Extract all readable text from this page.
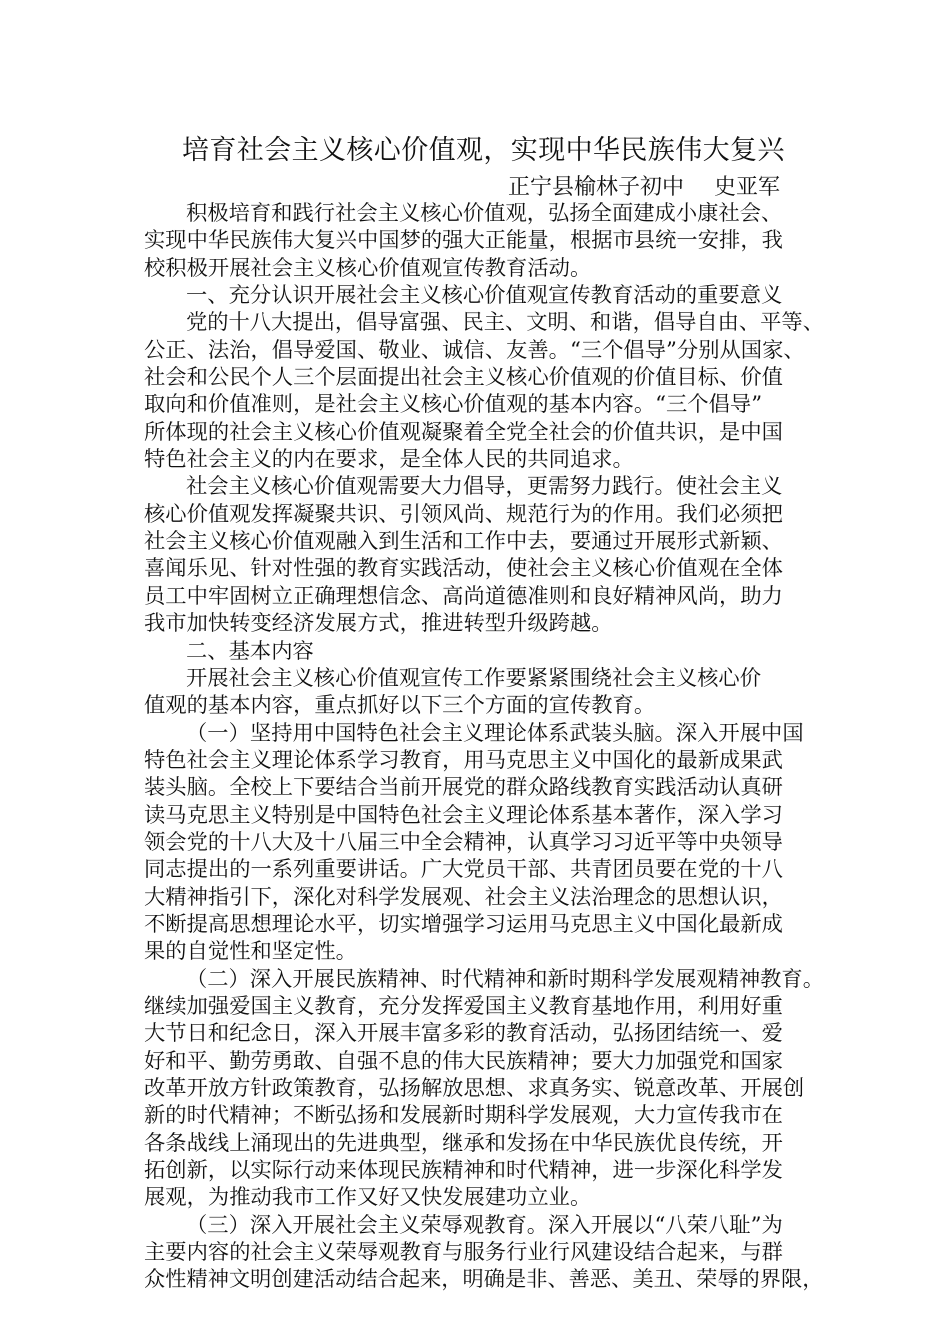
培育社会主义核心价值观，实现中华民族伟大复兴
正宁县榆林子初中 史亚军
积极培育和践行社会主义核心价值观，弘扬全面建成小康社会、
实现中华民族伟大复兴中国梦的强大正能量，根据市县统一安排，我
校积极开展社会主义核心价值观宣传教育活动。
一、充分认识开展社会主义核心价值观宣传教育活动的重要意义
党的十八大提出，倡导富强、民主、文明、和谐，倡导自由、平等、
公正、法治，倡导爱国、敬业、诚信、友善。“三个倡导”分别从国家、
社会和公民个人三个层面提出社会主义核心价值观的价值目标、价值
取向和价值准则，是社会主义核心价值观的基本内容。“三个倡导”
所体现的社会主义核心价值观凝聚着全党全社会的价值共识，是中国
特色社会主义的内在要求，是全体人民的共同追求。
社会主义核心价值观需要大力倡导，更需努力践行。使社会主义
核心价值观发挥凝聚共识、引领风尚、规范行为的作用。我们必须把
社会主义核心价值观融入到生活和工作中去，要通过开展形式新颖、
喜闻乐见、针对性强的教育实践活动，使社会主义核心价值观在全体
员工中牢固树立正确理想信念、高尚道德准则和良好精神风尚，助力
我市加快转变经济发展方式，推进转型升级跨越。
二、基本内容
开展社会主义核心价值观宣传工作要紧紧围绕社会主义核心价
值观的基本内容，重点抓好以下三个方面的宣传教育。
（一）坚持用中国特色社会主义理论体系武装头脑。深入开展中国
特色社会主义理论体系学习教育，用马克思主义中国化的最新成果武
装头脑。全校上下要结合当前开展党的群众路线教育实践活动认真研
读马克思主义特别是中国特色社会主义理论体系基本著作，深入学习
领会党的十八大及十八届三中全会精神，认真学习习近平等中央领导
同志提出的一系列重要讲话。广大党员干部、共青团员要在党的十八
大精神指引下，深化对科学发展观、社会主义法治理念的思想认识，
不断提高思想理论水平，切实增强学习运用马克思主义中国化最新成
果的自觉性和坚定性。
（二）深入开展民族精神、时代精神和新时期科学发展观精神教育。
继续加强爱国主义教育，充分发挥爱国主义教育基地作用，利用好重
大节日和纪念日，深入开展丰富多彩的教育活动，弘扬团结统一、爱
好和平、勤劳勇敢、自强不息的伟大民族精神；要大力加强党和国家
改革开放方针政策教育，弘扬解放思想、求真务实、锐意改革、开展创
新的时代精神；不断弘扬和发展新时期科学发展观，大力宣传我市在
各条战线上涌现出的先进典型，继承和发扬在中华民族优良传统，开
拓创新，以实际行动来体现民族精神和时代精神，进一步深化科学发
展观，为推动我市工作又好又快发展建功立业。
（三）深入开展社会主义荣辱观教育。深入开展以“八荣八耻”为
主要内容的社会主义荣辱观教育与服务行业行风建设结合起来，与群
众性精神文明创建活动结合起来，明确是非、善恶、美丑、荣辱的界限，
